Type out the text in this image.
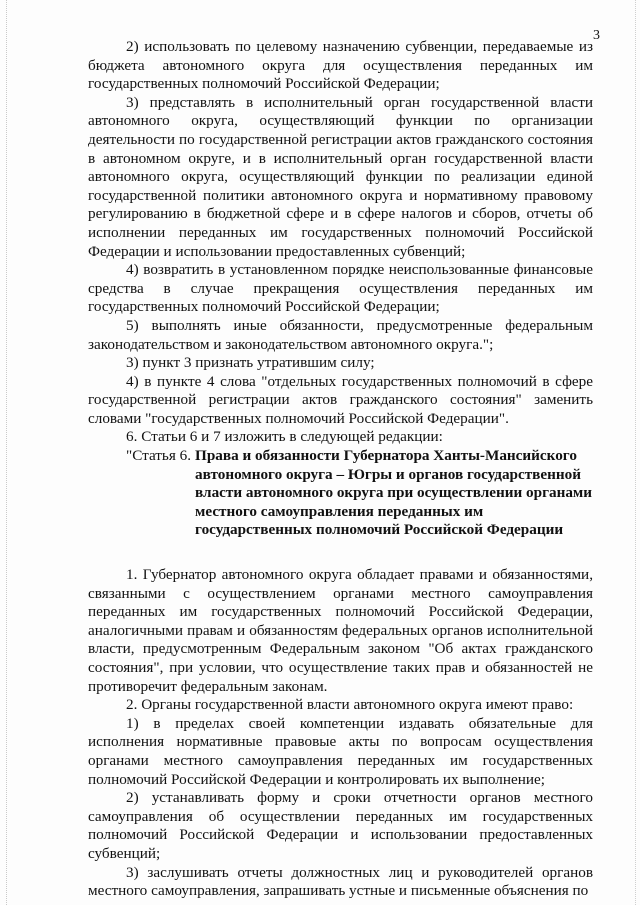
3

2) использовать по целевому назначению субвенции, передаваемые из бюджета автономного округа для осуществления переданных им государственных полномочий Российской Федерации;

3) представлять в исполнительный орган государственной власти автономного округа, осуществляющий функции по организации деятельности по государственной регистрации актов гражданского состояния в автономном округе, и в исполнительный орган государственной власти автономного округа, осуществляющий функции по реализации единой государственной политики автономного округа и нормативному правовому регулированию в бюджетной сфере и в сфере налогов и сборов, отчеты об исполнении переданных им государственных полномочий Российской Федерации и использовании предоставленных субвенций;

4) возвратить в установленном порядке неиспользованные финансовые средства в случае прекращения осуществления переданных им государственных полномочий Российской Федерации;

5) выполнять иные обязанности, предусмотренные федеральным законодательством и законодательством автономного округа.";

3) пункт 3 признать утратившим силу;

4) в пункте 4 слова "отдельных государственных полномочий в сфере государственной регистрации актов гражданского состояния" заменить словами "государственных полномочий Российской Федерации".

6. Статьи 6 и 7 изложить в следующей редакции:

"Статья 6. Права и обязанности Губернатора Ханты-Мансийского автономного округа – Югры и органов государственной власти автономного округа при осуществлении органами местного самоуправления переданных им государственных полномочий Российской Федерации

1. Губернатор автономного округа обладает правами и обязанностями, связанными с осуществлением органами местного самоуправления переданных им государственных полномочий Российской Федерации, аналогичными правам и обязанностям федеральных органов исполнительной власти, предусмотренным Федеральным законом "Об актах гражданского состояния", при условии, что осуществление таких прав и обязанностей не противоречит федеральным законам.

2. Органы государственной власти автономного округа имеют право:

1) в пределах своей компетенции издавать обязательные для исполнения нормативные правовые акты по вопросам осуществления органами местного самоуправления переданных им государственных полномочий Российской Федерации и контролировать их выполнение;

2) устанавливать форму и сроки отчетности органов местного самоуправления об осуществлении переданных им государственных полномочий Российской Федерации и использовании предоставленных субвенций;

3) заслушивать отчеты должностных лиц и руководителей органов местного самоуправления, запрашивать устные и письменные объяснения по
